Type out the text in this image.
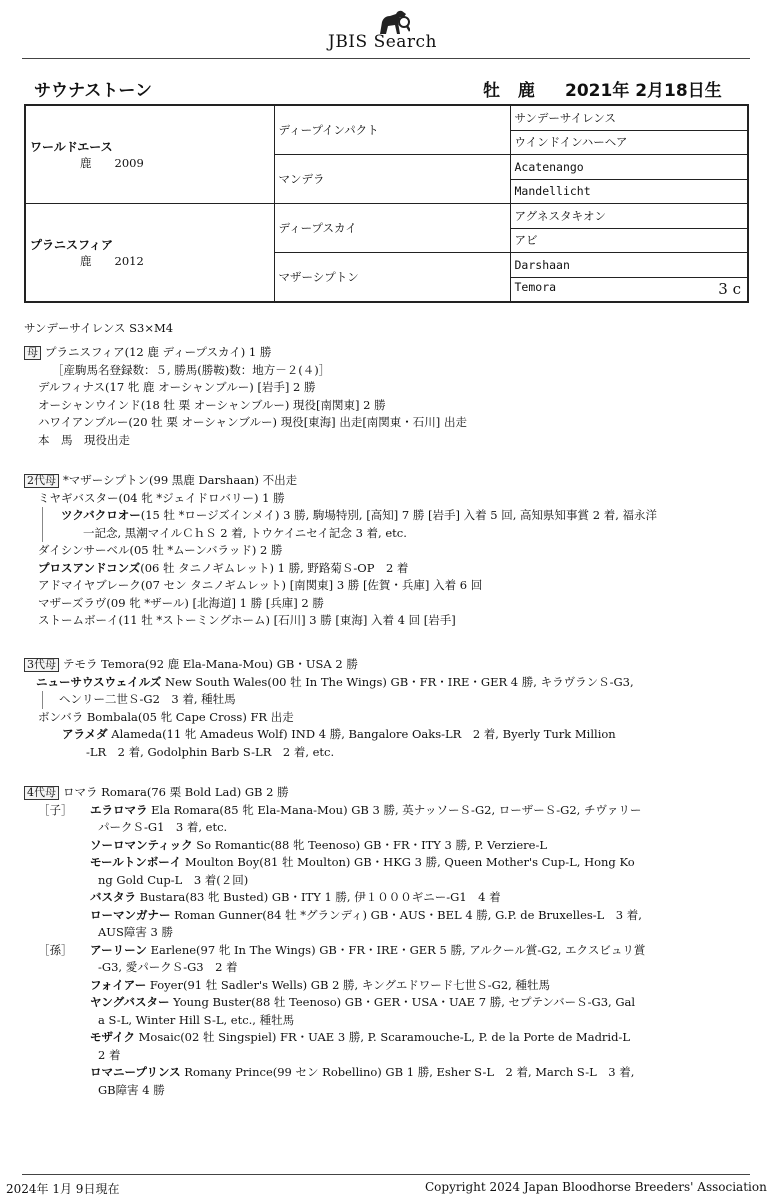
JBIS Search
サウナストーン	牡 鹿 2021年 2月18日生
ワールドエース
鹿　　2009	ディープインパクト	サンデーサイレンス
		ウインドインハーヘア
	マンデラ	Acatenango
		Mandellicht

プラニスフィア
鹿　　2012	ディープスカイ	アグネスタキオン
		アビ
	マザーシプトン	Darshaan
		Temora 3 c
サンデーサイレンス S3×M4
母 プラニスフィア(12 鹿 ディープスカイ) 1 勝
［産駒馬名登録数：５, 勝馬(勝鞍)数：地方－２(４)］
デルフィナス(17 牝 鹿 オーシャンブルー) [岩手] 2 勝
オーシャンウインド(18 牡 栗 オーシャンブルー) 現役[南関東] 2 勝
ハワイアンブルー(20 牡 栗 オーシャンブルー) 現役[東海] 出走[南関東・石川] 出走
本　馬　現役出走
2代母 *マザーシプトン(99 黒鹿 Darshaan) 不出走
ミヤギバスター(04 牝 *ジェイドロバリー) 1 勝
ツクバクロオー(15 牡 *ロージズインメイ) 3 勝, 駒場特別, [高知] 7 勝 [岩手] 入着 5 回, 高知県知事賞 2 着, 福永洋
一記念, 黒潮マイルＣｈＳ 2 着, トウケイニセイ記念 3 着, etc.
ダイシンサーベル(05 牡 *ムーンバラッド) 2 勝
プロスアンドコンズ(06 牡 タニノギムレット) 1 勝, 野路菊Ｓ-OP　2 着
アドマイヤブレーク(07 セン タニノギムレット) [南関東] 3 勝 [佐賀・兵庫] 入着 6 回
マザーズラヴ(09 牝 *ザール) [北海道] 1 勝 [兵庫] 2 勝
ストームボーイ(11 牡 *ストーミングホーム) [石川] 3 勝 [東海] 入着 4 回 [岩手]
3代母 テモラ Temora(92 鹿 Ela-Mana-Mou) GB・USA 2 勝
ニューサウスウェイルズ New South Wales(00 牡 In The Wings) GB・FR・IRE・GER 4 勝, キラヴランＳ-G3,
ヘンリー二世Ｓ-G2　3 着, 種牡馬
ボンバラ Bombala(05 牝 Cape Cross) FR 出走
アラメダ Alameda(11 牝 Amadeus Wolf) IND 4 勝, Bangalore Oaks-LR　2 着, Byerly Turk Million
-LR　2 着, Godolphin Barb S-LR　2 着, etc.
4代母 ロマラ Romara(76 栗 Bold Lad) GB 2 勝
［子］ エラロマラ Ela Romara(85 牝 Ela-Mana-Mou) GB 3 勝, 英ナッソーＳ-G2, ローザーＳ-G2, チヴァリー
パークＳ-G1　3 着, etc.
ソーロマンティック So Romantic(88 牝 Teenoso) GB・FR・ITY 3 勝, P. Verziere-L
モールトンボーイ Moulton Boy(81 牡 Moulton) GB・HKG 3 勝, Queen Mother's Cup-L, Hong Ko
ng Gold Cup-L　3 着(２回)
バスタラ Bustara(83 牝 Busted) GB・ITY 1 勝, 伊１０００ギニー-G1　4 着
ローマンガナー Roman Gunner(84 牡 *グランディ) GB・AUS・BEL 4 勝, G.P. de Bruxelles-L　3 着,
AUS障害 3 勝
［孫］ アーリーン Earlene(97 牝 In The Wings) GB・FR・IRE・GER 5 勝, アルクール賞-G2, エクスビュリ賞
-G3, 愛パークＳ-G3　2 着
フォイアー Foyer(91 牡 Sadler's Wells) GB 2 勝, キングエドワード七世Ｓ-G2, 種牡馬
ヤングバスター Young Buster(88 牡 Teenoso) GB・GER・USA・UAE 7 勝, セプテンバーＳ-G3, Gal
a S-L, Winter Hill S-L, etc., 種牡馬
モザイク Mosaic(02 牡 Singspiel) FR・UAE 3 勝, P. Scaramouche-L, P. de la Porte de Madrid-L
2 着
ロマニープリンス Romany Prince(99 セン Robellino) GB 1 勝, Esher S-L　2 着, March S-L　3 着,
GB障害 4 勝
2024年 1月 9日現在	Copyright 2024 Japan Bloodhorse Breeders' Association
